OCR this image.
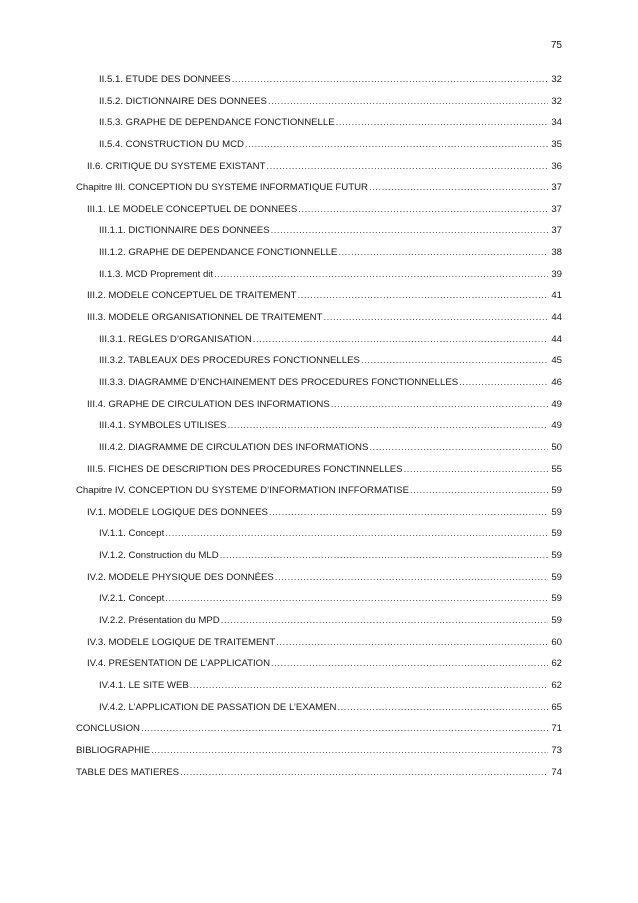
75
II.5.1. ETUDE DES DONNEES .....	32
II.5.2. DICTIONNAIRE DES DONNEES .....	32
II.5.3. GRAPHE DE DEPENDANCE FONCTIONNELLE .....	34
II.5.4. CONSTRUCTION DU MCD .....	35
II.6. CRITIQUE DU SYSTEME EXISTANT .....	36
Chapitre III. CONCEPTION DU SYSTEME INFORMATIQUE FUTUR .....	37
III.1. LE MODELE CONCEPTUEL DE DONNEES .....	37
III.1.1. DICTIONNAIRE DES DONNEES .....	37
III.1.2. GRAPHE DE DEPENDANCE FONCTIONNELLE .....	38
II.1.3. MCD Proprement dit .....	39
III.2. MODELE CONCEPTUEL DE TRAITEMENT .....	41
III.3. MODELE ORGANISATIONNEL DE TRAITEMENT .....	44
III.3.1. REGLES D’ORGANISATION .....	44
III.3.2. TABLEAUX DES PROCEDURES FONCTIONNELLES .....	45
III.3.3. DIAGRAMME D’ENCHAINEMENT DES PROCEDURES FONCTIONNELLES .....	46
III.4. GRAPHE DE CIRCULATION DES INFORMATIONS .....	49
III.4.1. SYMBOLES UTILISES .....	49
III.4.2. DIAGRAMME DE CIRCULATION DES INFORMATIONS .....	50
III.5. FICHES DE DESCRIPTION DES PROCEDURES FONCTINNELLES .....	55
Chapitre IV. CONCEPTION DU SYSTEME D’INFORMATION INFFORMATISE .....	59
IV.1. MODELE LOGIQUE DES DONNEES .....	59
IV.1.1. Concept .....	59
IV.1.2. Construction du MLD .....	59
IV.2. MODELE PHYSIQUE DES DONNÉES .....	59
IV.2.1. Concept .....	59
IV.2.2. Présentation du MPD .....	59
IV.3. MODELE LOGIQUE DE TRAITEMENT .....	60
IV.4. PRESENTATION DE L’APPLICATION .....	62
IV.4.1. LE SITE WEB .....	62
IV.4.2. L’APPLICATION DE PASSATION DE L’EXAMEN .....	65
CONCLUSION .....	71
BIBLIOGRAPHIE .....	73
TABLE DES MATIERES .....	74
